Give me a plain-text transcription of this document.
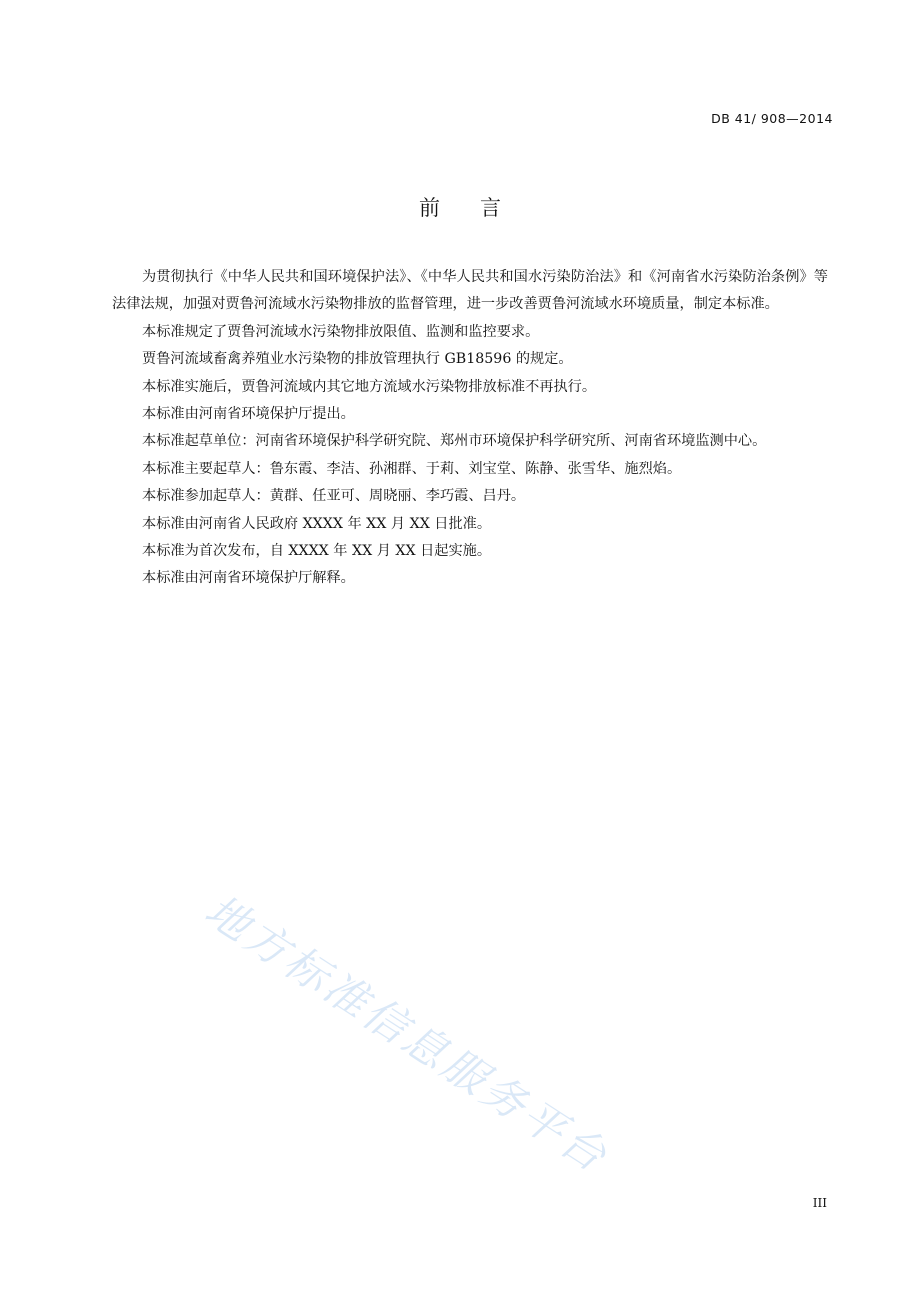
DB 41/ 908—2014
前言

为贯彻执行《中华人民共和国环境保护法》、《中华人民共和国水污染防治法》和《河南省水污染防治条例》等法律法规，加强对贾鲁河流域水污染物排放的监督管理，进一步改善贾鲁河流域水环境质量，制定本标准。

本标准规定了贾鲁河流域水污染物排放限值、监测和监控要求。

贾鲁河流域畜禽养殖业水污染物的排放管理执行 GB18596 的规定。

本标准实施后，贾鲁河流域内其它地方流域水污染物排放标准不再执行。

本标准由河南省环境保护厅提出。

本标准起草单位：河南省环境保护科学研究院、郑州市环境保护科学研究所、河南省环境监测中心。

本标准主要起草人：鲁东霞、李洁、孙湘群、于莉、刘宝堂、陈静、张雪华、施烈焰。

本标准参加起草人：黄群、任亚可、周晓丽、李巧霞、吕丹。

本标准由河南省人民政府 XXXX 年 XX 月 XX 日批准。

本标准为首次发布，自 XXXX 年 XX 月 XX 日起实施。

本标准由河南省环境保护厅解释。

地方标准信息服务平台
III
